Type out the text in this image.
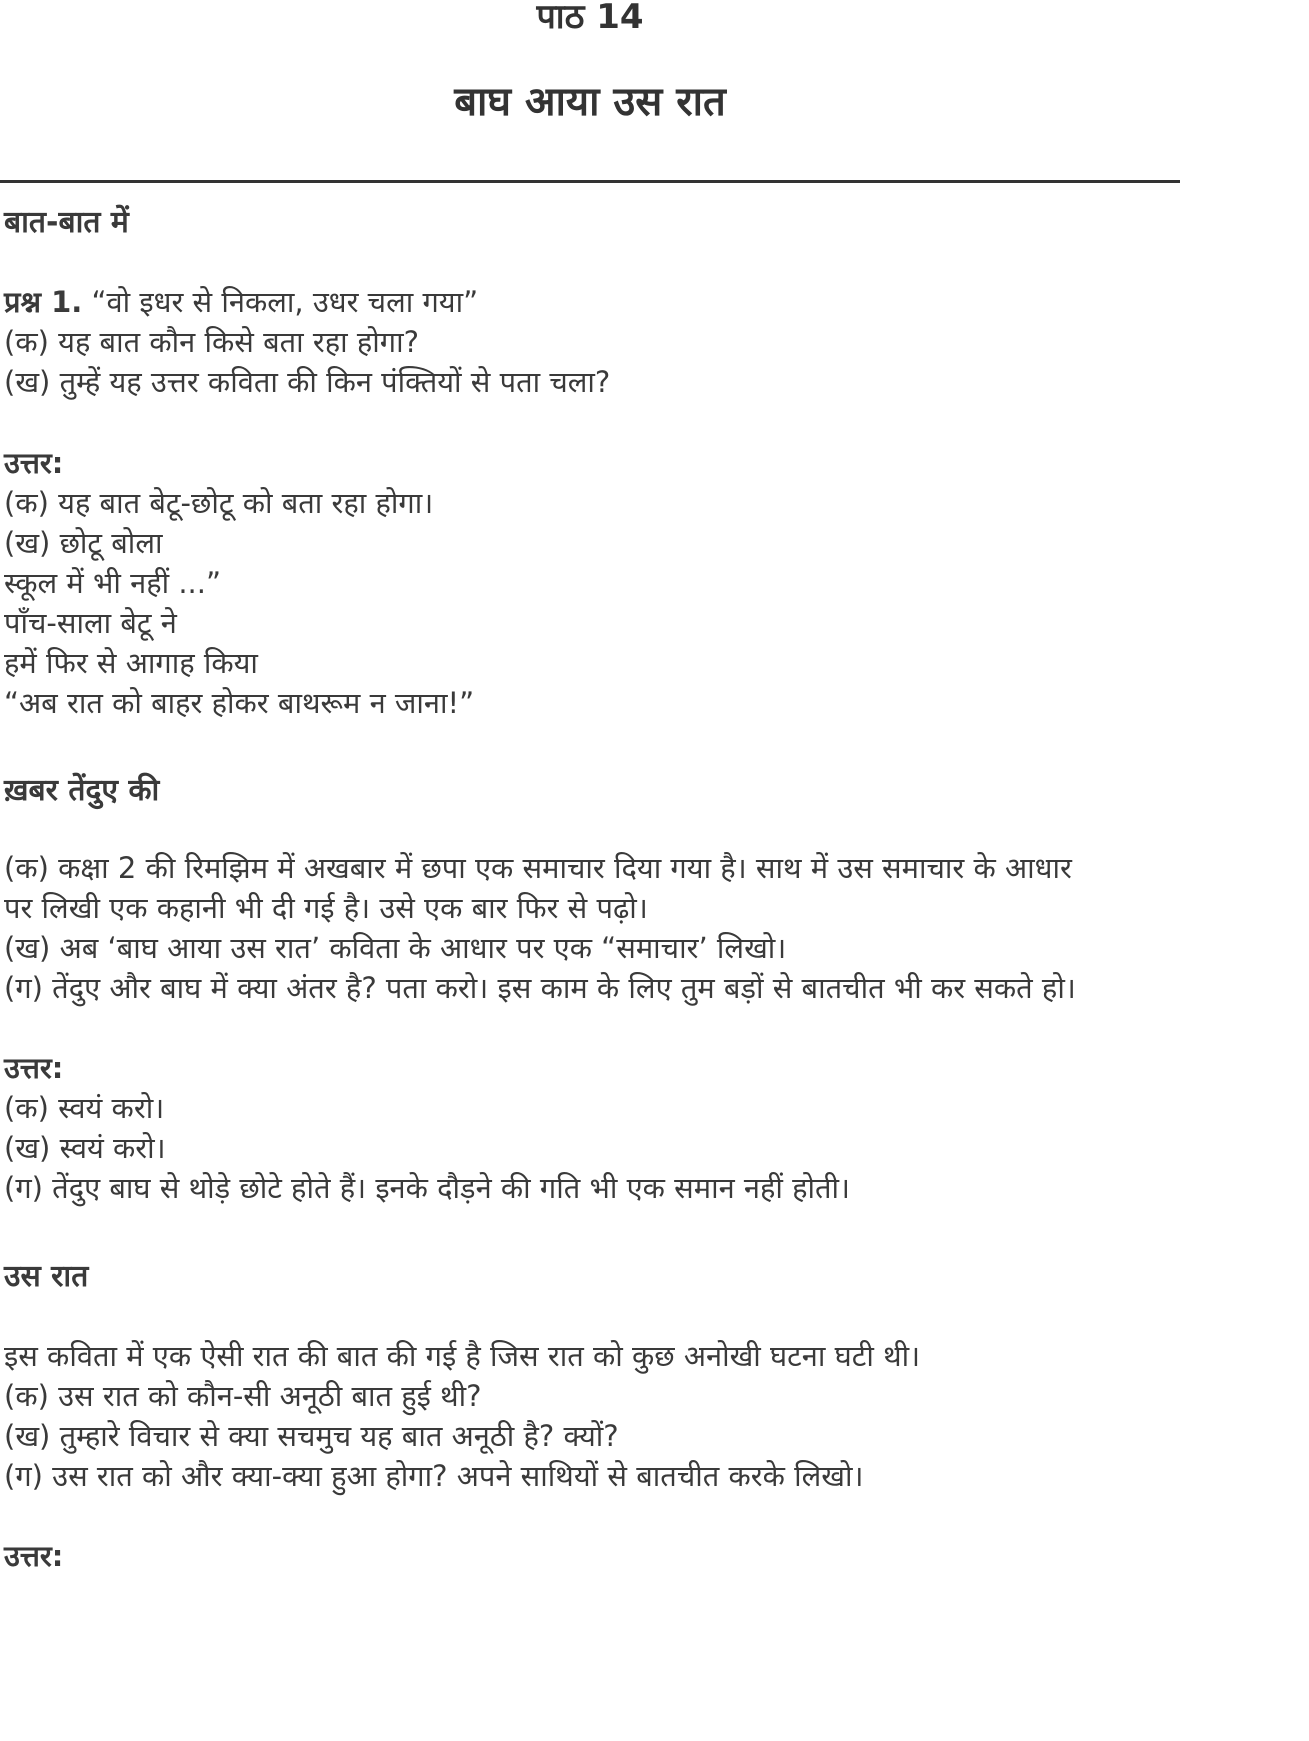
पाठ 14
बाघ आया उस रात
बात-बात में
प्रश्न 1. “वो इधर से निकला, उधर चला गया”
(क) यह बात कौन किसे बता रहा होगा?
(ख) तुम्हें यह उत्तर कविता की किन पंक्तियों से पता चला?
उत्तर:
(क) यह बात बेटू-छोटू को बता रहा होगा।
(ख) छोटू बोला
स्कूल में भी नहीं ...”
पाँच-साला बेटू ने
हमें फिर से आगाह किया
“अब रात को बाहर होकर बाथरूम न जाना!”
ख़बर तेंदुए की
(क) कक्षा 2 की रिमझिम में अखबार में छपा एक समाचार दिया गया है। साथ में उस समाचार के आधार
पर लिखी एक कहानी भी दी गई है। उसे एक बार फिर से पढ़ो।
(ख) अब ‘बाघ आया उस रात’ कविता के आधार पर एक “समाचार’ लिखो।
(ग) तेंदुए और बाघ में क्या अंतर है? पता करो। इस काम के लिए तुम बड़ों से बातचीत भी कर सकते हो।
उत्तर:
(क) स्वयं करो।
(ख) स्वयं करो।
(ग) तेंदुए बाघ से थोड़े छोटे होते हैं। इनके दौड़ने की गति भी एक समान नहीं होती।
उस रात
इस कविता में एक ऐसी रात की बात की गई है जिस रात को कुछ अनोखी घटना घटी थी।
(क) उस रात को कौन-सी अनूठी बात हुई थी?
(ख) तुम्हारे विचार से क्या सचमुच यह बात अनूठी है? क्यों?
(ग) उस रात को और क्या-क्या हुआ होगा? अपने साथियों से बातचीत करके लिखो।
उत्तर:
